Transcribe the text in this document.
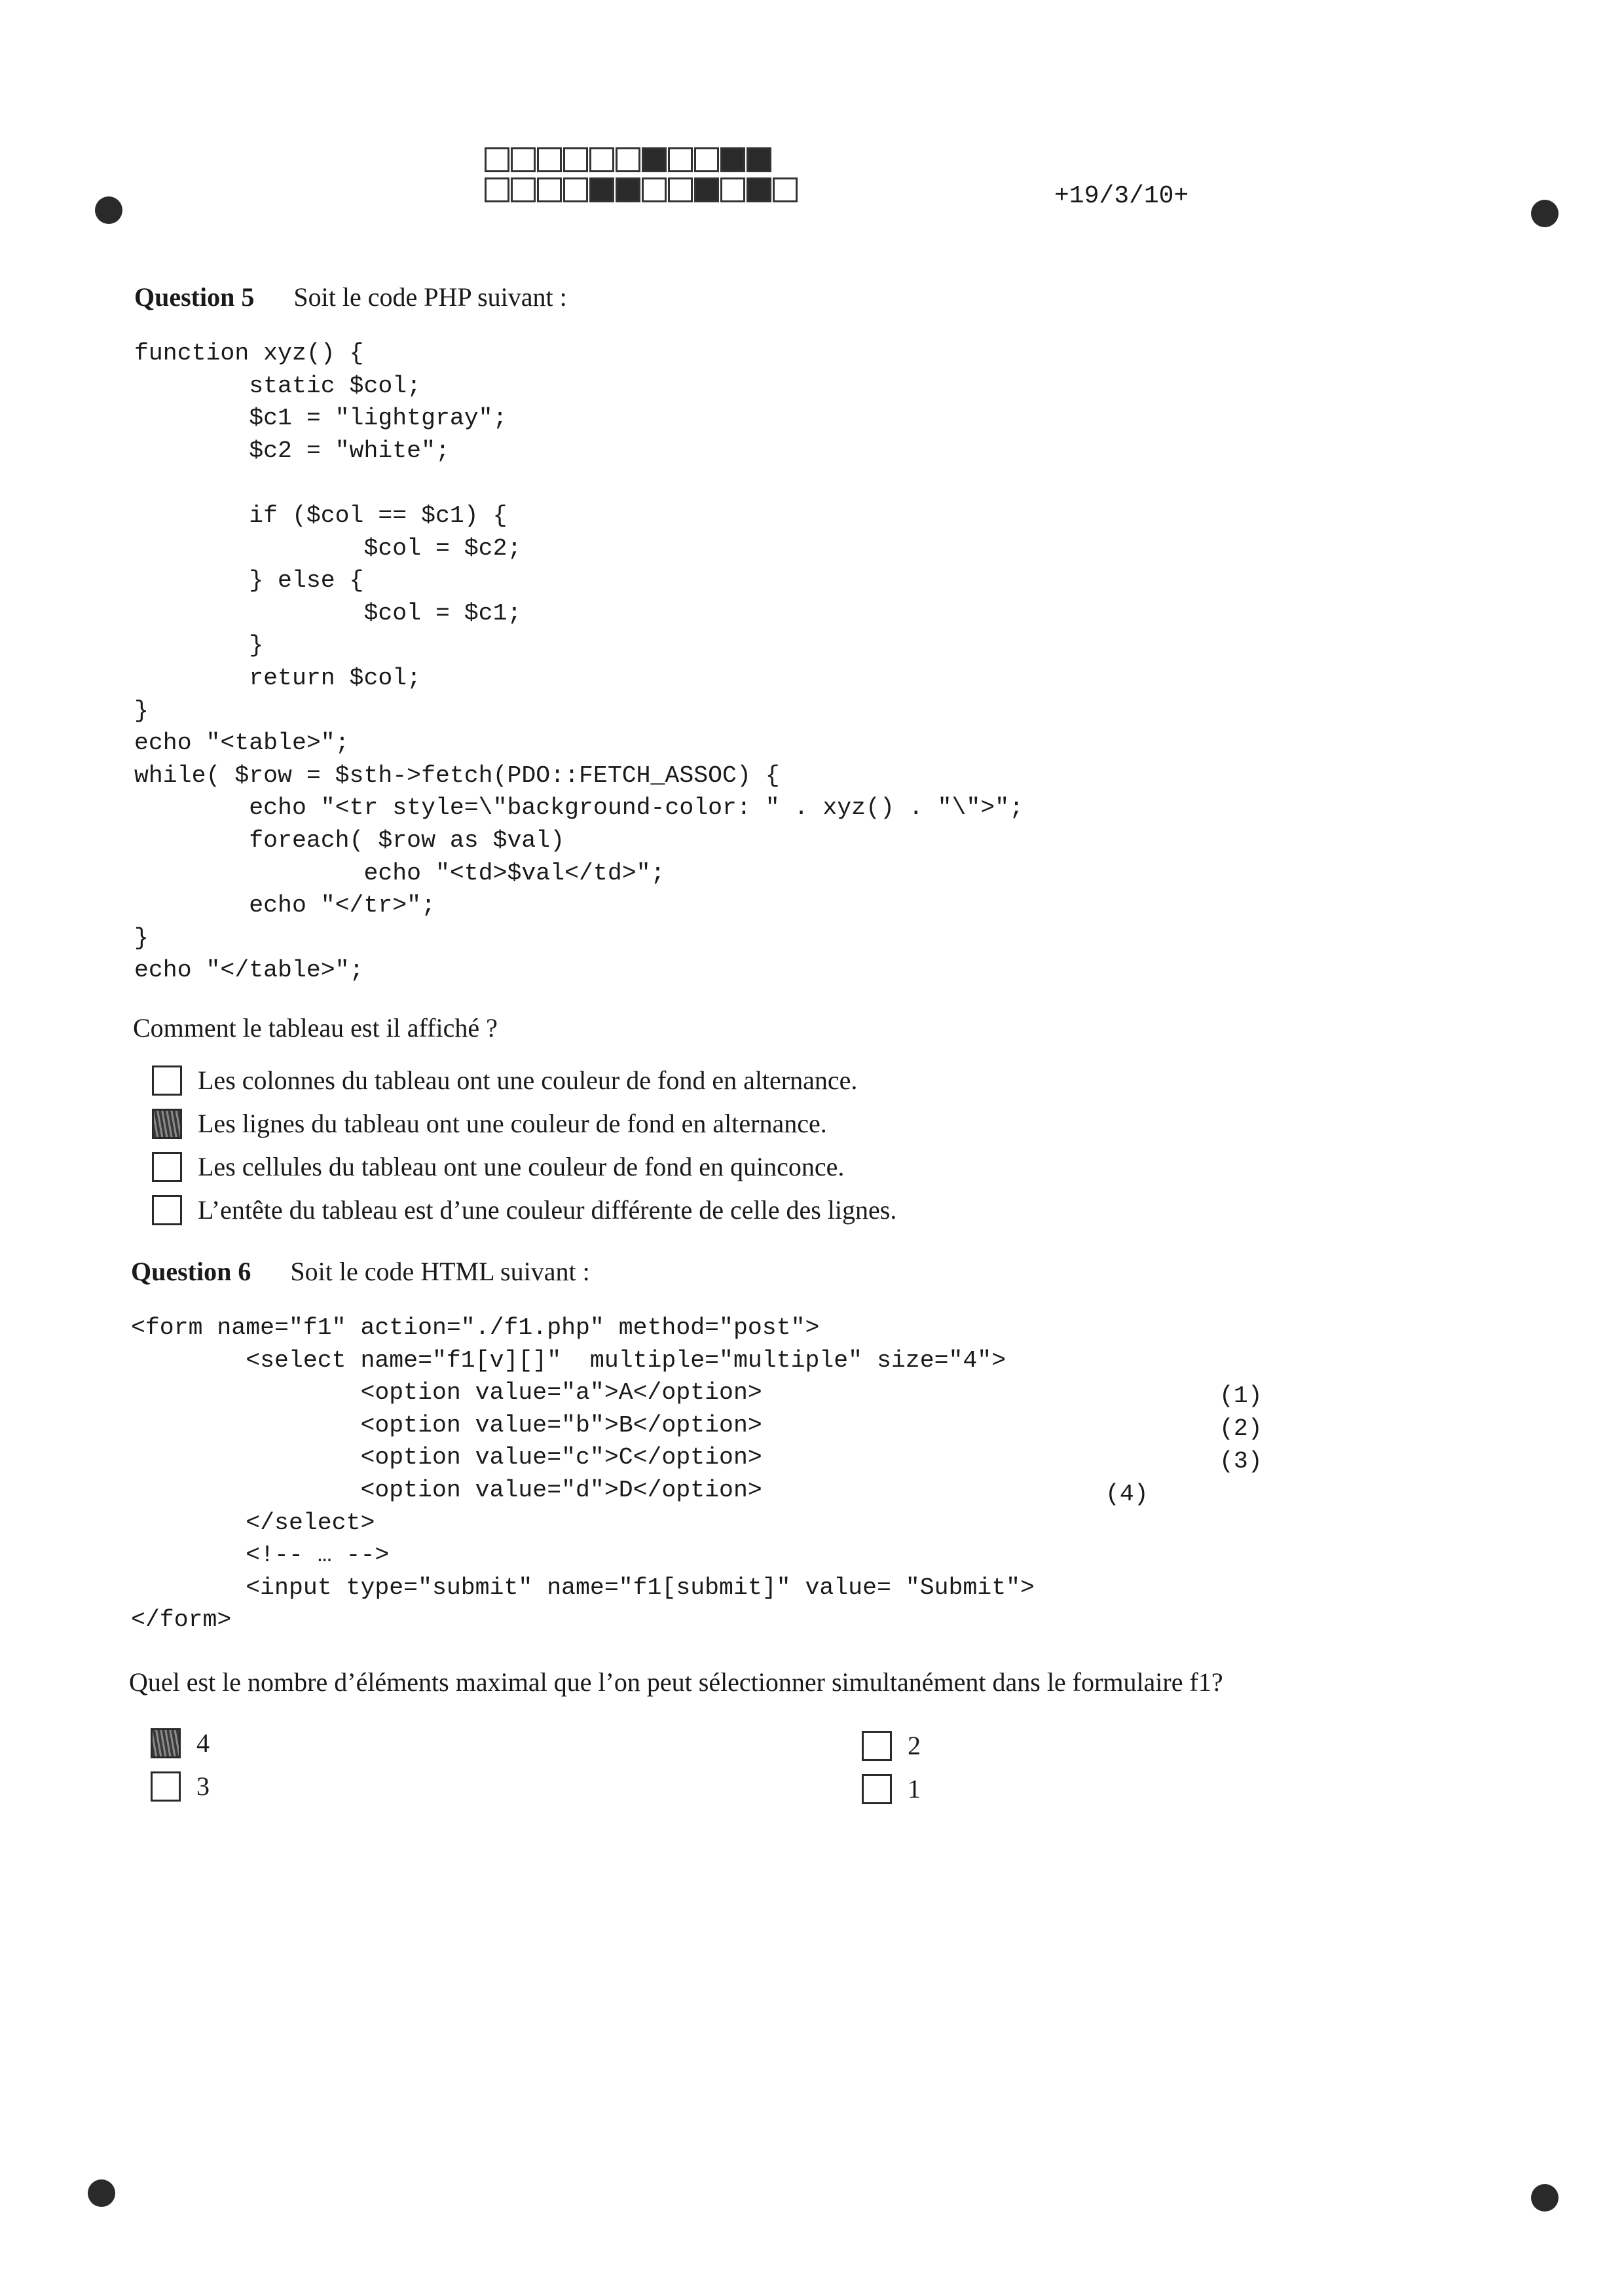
+19/3/10+
Question 5 Soit le code PHP suivant :
function xyz() {
static $col;
$c1 = "lightgray";
$c2 = "white";

if ($col == $c1) {
$col = $c2;
} else {
$col = $c1;
}
return $col;
}
echo "<table>";
while( $row = $sth->fetch(PDO::FETCH_ASSOC) {
echo "<tr style=\"background-color: " . xyz() . "\">";
foreach( $row as $val)
echo "<td>$val</td>";
echo "</tr>";
}
echo "</table>";
Comment le tableau est il affiché ?
Les colonnes du tableau ont une couleur de fond en alternance.
Les lignes du tableau ont une couleur de fond en alternance.
Les cellules du tableau ont une couleur de fond en quinconce.
L’entête du tableau est d’une couleur différente de celle des lignes.
Question 6 Soit le code HTML suivant :
<form name="f1" action="./f1.php" method="post">
<select name="f1[v][]"  multiple="multiple" size="4">
<option value="a">A</option>
<option value="b">B</option>
<option value="c">C</option>
<option value="d">D</option>
</select>
<!-- … -->
<input type="submit" name="f1[submit]" value= "Submit">
</form>
(1)
(2)
(3)
(4)
Quel est le nombre d’éléments maximal que l’on peut sélectionner simultanément dans le formulaire f1?
4	2
3	1
